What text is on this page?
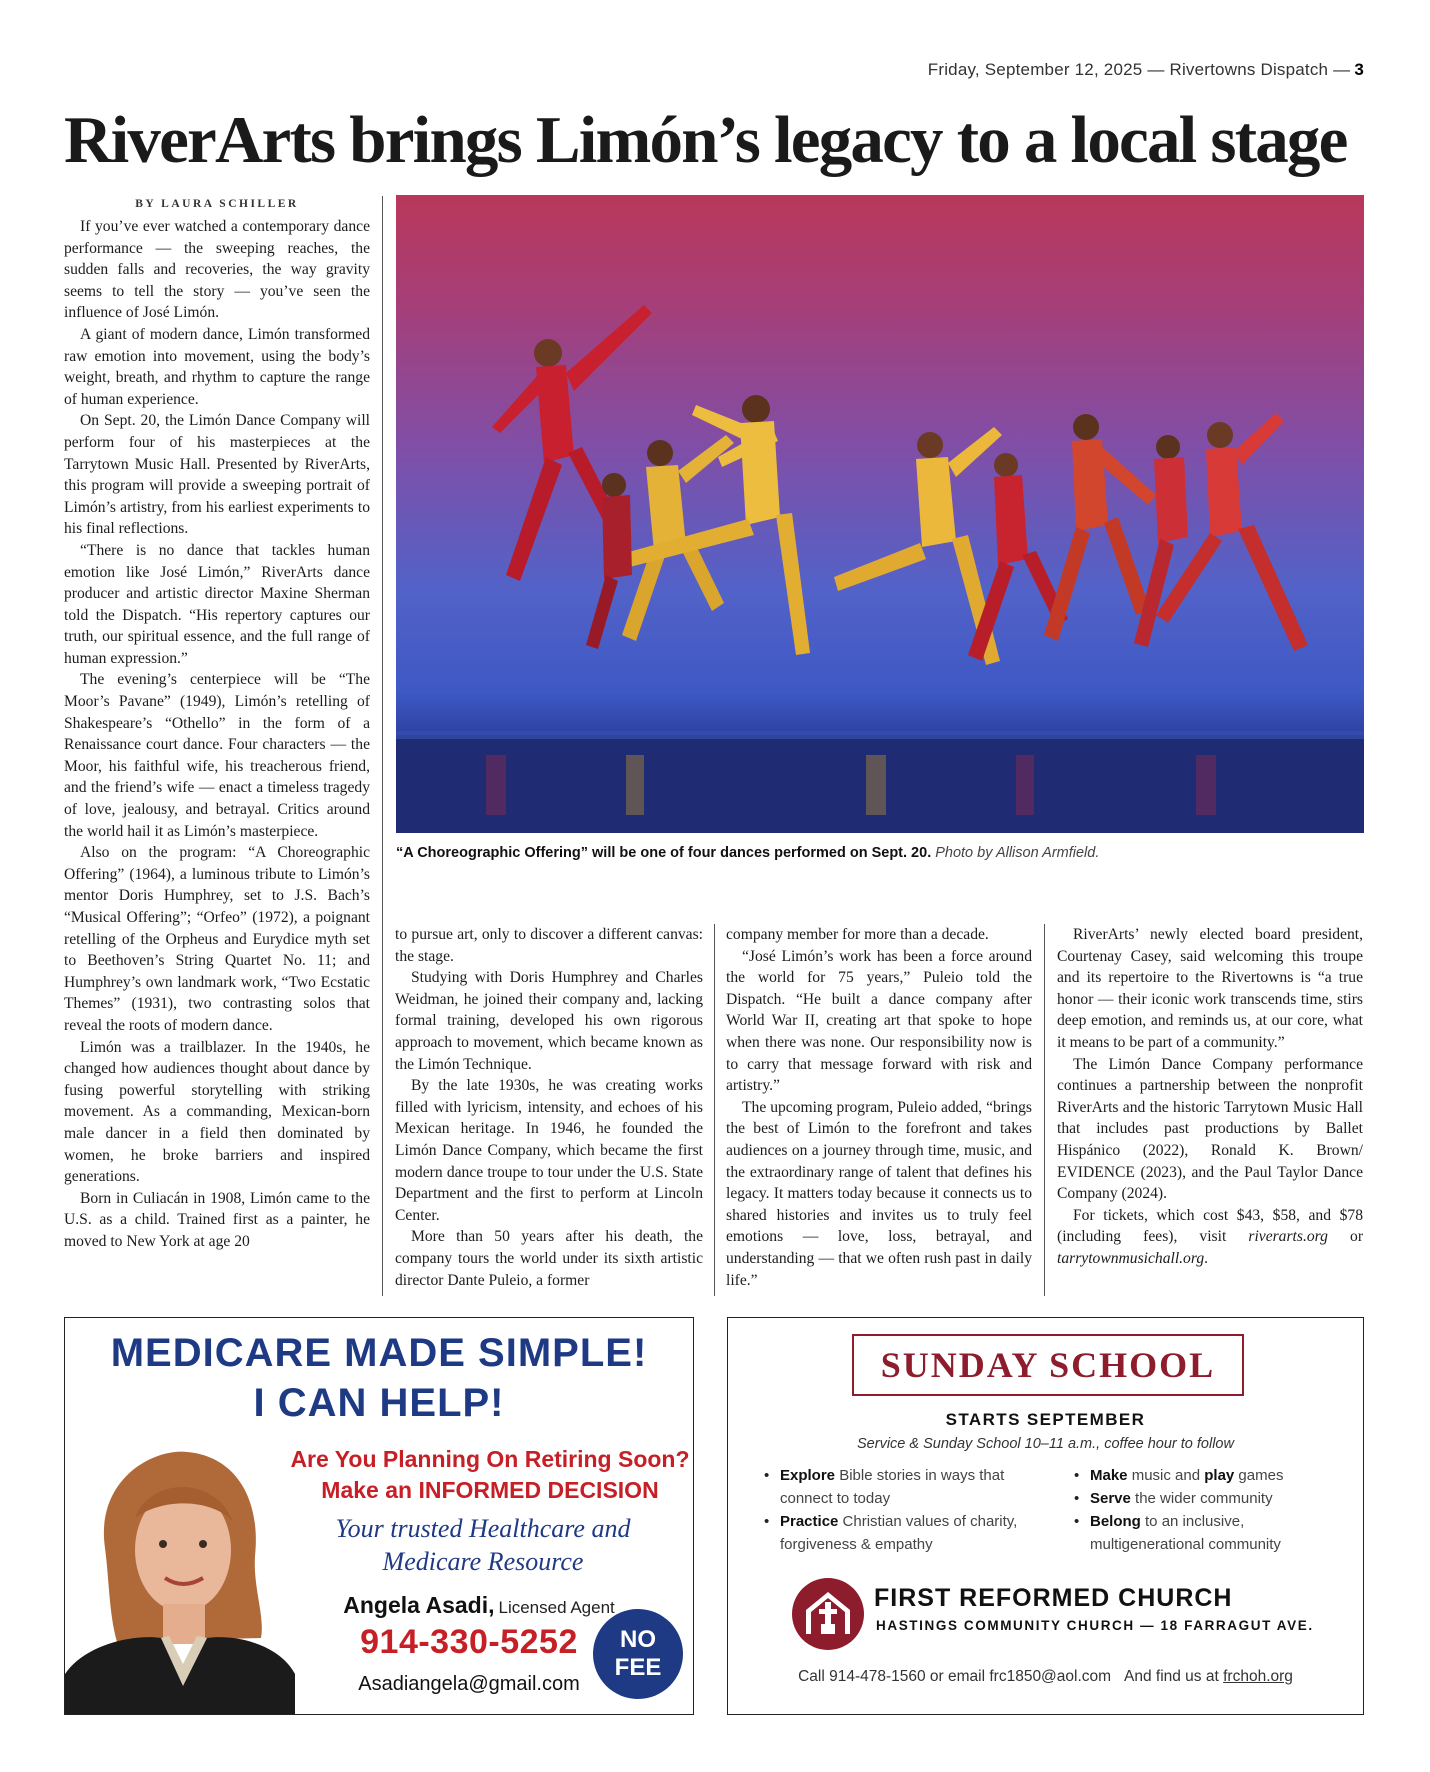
Friday, September 12, 2025 — Rivertowns Dispatch — 3
RiverArts brings Limón’s legacy to a local stage
BY LAURA SCHILLER

If you’ve ever watched a contemporary dance performance — the sweeping reaches, the sudden falls and recoveries, the way gravity seems to tell the story — you’ve seen the influence of José Limón.

A giant of modern dance, Limón transformed raw emotion into movement, using the body’s weight, breath, and rhythm to capture the range of human experience.

On Sept. 20, the Limón Dance Company will perform four of his masterpieces at the Tarrytown Music Hall. Presented by RiverArts, this program will provide a sweeping portrait of Limón’s artistry, from his earliest experiments to his final reflections.

“There is no dance that tackles human emotion like José Limón,” RiverArts dance producer and artistic director Maxine Sherman told the Dispatch. “His repertory captures our truth, our spiritual essence, and the full range of human expression.”

The evening’s centerpiece will be “The Moor’s Pavane” (1949), Limón’s retelling of Shakespeare’s “Othello” in the form of a Renaissance court dance. Four characters — the Moor, his faithful wife, his treacherous friend, and the friend’s wife — enact a timeless tragedy of love, jealousy, and betrayal. Critics around the world hail it as Limón’s masterpiece.

Also on the program: “A Choreographic Offering” (1964), a luminous tribute to Limón’s mentor Doris Humphrey, set to J.S. Bach’s “Musical Offering”; “Orfeo” (1972), a poignant retelling of the Orpheus and Eurydice myth set to Beethoven’s String Quartet No. 11; and Humphrey’s own landmark work, “Two Ecstatic Themes” (1931), two contrasting solos that reveal the roots of modern dance.

Limón was a trailblazer. In the 1940s, he changed how audiences thought about dance by fusing powerful storytelling with striking movement. As a commanding, Mexican-born male dancer in a field then dominated by women, he broke barriers and inspired generations.

Born in Culiacán in 1908, Limón came to the U.S. as a child. Trained first as a painter, he moved to New York at age 20

“A Choreographic Offering” will be one of four dances performed on Sept. 20. Photo by Allison Armfield.

to pursue art, only to discover a different canvas: the stage.

Studying with Doris Humphrey and Charles Weidman, he joined their company and, lacking formal training, developed his own rigorous approach to movement, which became known as the Limón Technique.

By the late 1930s, he was creating works filled with lyricism, intensity, and echoes of his Mexican heritage. In 1946, he founded the Limón Dance Company, which became the first modern dance troupe to tour under the U.S. State Department and the first to perform at Lincoln Center.

More than 50 years after his death, the company tours the world under its sixth artistic director Dante Puleio, a former

company member for more than a decade.

“José Limón’s work has been a force around the world for 75 years,” Puleio told the Dispatch. “He built a dance company after World War II, creating art that spoke to hope when there was none. Our responsibility now is to carry that message forward with risk and artistry.”

The upcoming program, Puleio added, “brings the best of Limón to the forefront and takes audiences on a journey through time, music, and the extraordinary range of talent that defines his legacy. It matters today because it connects us to shared histories and invites us to truly feel emotions — love, loss, betrayal, and understanding — that we often rush past in daily life.”

RiverArts’ newly elected board president, Courtenay Casey, said welcoming this troupe and its repertoire to the Rivertowns is “a true honor — their iconic work transcends time, stirs deep emotion, and reminds us, at our core, what it means to be part of a community.”

The Limón Dance Company performance continues a partnership between the nonprofit RiverArts and the historic Tarrytown Music Hall that includes past productions by Ballet Hispánico (2022), Ronald K. Brown/ EVIDENCE (2023), and the Paul Taylor Dance Company (2024).

For tickets, which cost $43, $58, and $78 (including fees), visit riverarts.org or tarrytownmusichall.org.

MEDICARE MADE SIMPLE!
I CAN HELP!
Are You Planning On Retiring Soon?
Make an INFORMED DECISION
Your trusted Healthcare and
Medicare Resource
Angela Asadi, Licensed Agent
914-330-5252
Asadiangela@gmail.com
NO
FEE
SUNDAY SCHOOL
STARTS SEPTEMBER
Service & Sunday School 10–11 a.m., coffee hour to follow
• Explore Bible stories in ways that connect to today
• Practice Christian values of charity, forgiveness & empathy
• Make music and play games
• Serve the wider community
• Belong to an inclusive, multigenerational community
FIRST REFORMED CHURCH
HASTINGS COMMUNITY CHURCH — 18 FARRAGUT AVE.
Call 914-478-1560 or email frc1850@aol.com And find us at frchoh.org
